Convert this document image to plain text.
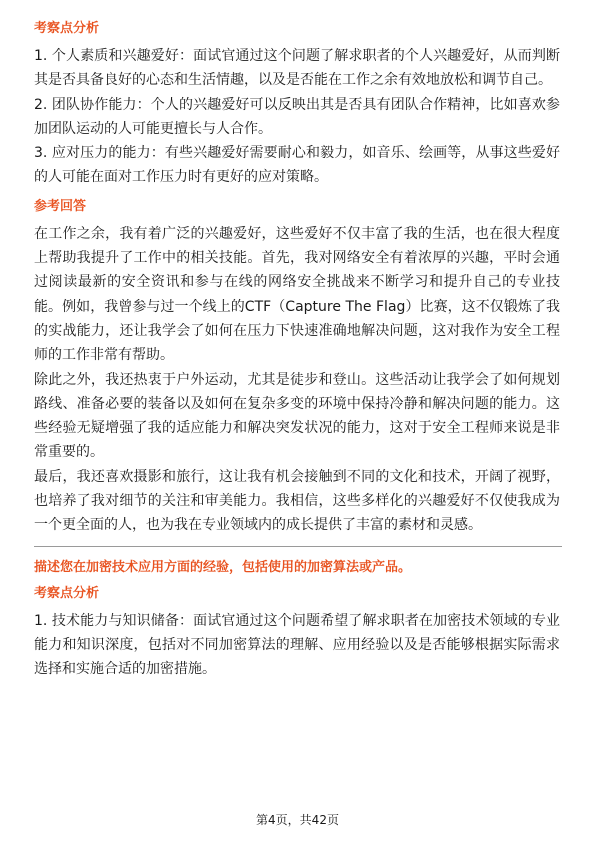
考察点分析

1. 个人素质和兴趣爱好：面试官通过这个问题了解求职者的个人兴趣爱好，从而判断其是否具备良好的心态和生活情趣，以及是否能在工作之余有效地放松和调节自己。

2. 团队协作能力：个人的兴趣爱好可以反映出其是否具有团队合作精神，比如喜欢参加团队运动的人可能更擅长与人合作。

3. 应对压力的能力：有些兴趣爱好需要耐心和毅力，如音乐、绘画等，从事这些爱好的人可能在面对工作压力时有更好的应对策略。

参考回答

在工作之余，我有着广泛的兴趣爱好，这些爱好不仅丰富了我的生活，也在很大程度上帮助我提升了工作中的相关技能。首先，我对网络安全有着浓厚的兴趣，平时会通过阅读最新的安全资讯和参与在线的网络安全挑战来不断学习和提升自己的专业技能。例如，我曾参与过一个线上的CTF（Capture The Flag）比赛，这不仅锻炼了我的实战能力，还让我学会了如何在压力下快速准确地解决问题，这对我作为安全工程师的工作非常有帮助。

除此之外，我还热衷于户外运动，尤其是徒步和登山。这些活动让我学会了如何规划路线、准备必要的装备以及如何在复杂多变的环境中保持冷静和解决问题的能力。这些经验无疑增强了我的适应能力和解决突发状况的能力，这对于安全工程师来说是非常重要的。

最后，我还喜欢摄影和旅行，这让我有机会接触到不同的文化和技术，开阔了视野，也培养了我对细节的关注和审美能力。我相信，这些多样化的兴趣爱好不仅使我成为一个更全面的人，也为我在专业领域内的成长提供了丰富的素材和灵感。

描述您在加密技术应用方面的经验，包括使用的加密算法或产品。

考察点分析

1. 技术能力与知识储备：面试官通过这个问题希望了解求职者在加密技术领域的专业能力和知识深度，包括对不同加密算法的理解、应用经验以及是否能够根据实际需求选择和实施合适的加密措施。

第4页，共42页
